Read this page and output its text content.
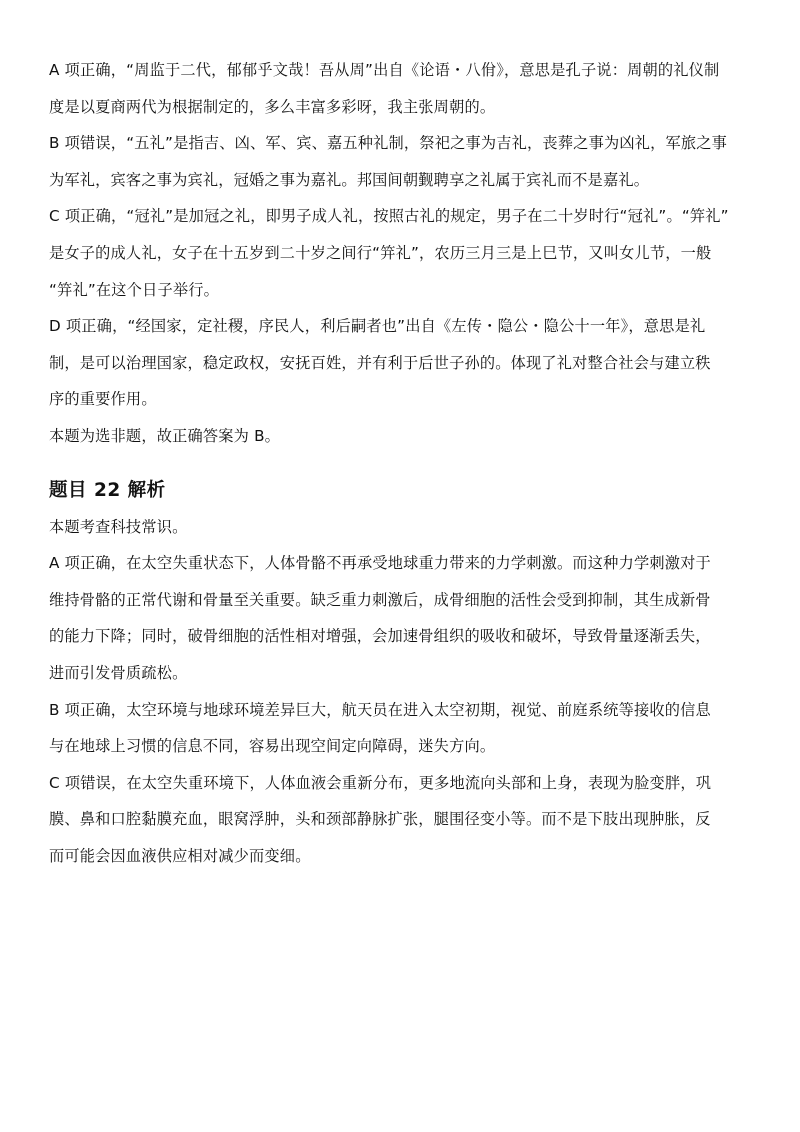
A 项正确，“周监于二代，郁郁乎文哉！吾从周”出自《论语・八佾》，意思是孔子说：周朝的礼仪制
度是以夏商两代为根据制定的，多么丰富多彩呀，我主张周朝的。

B 项错误，“五礼”是指吉、凶、军、宾、嘉五种礼制，祭祀之事为吉礼，丧葬之事为凶礼，军旅之事
为军礼，宾客之事为宾礼，冠婚之事为嘉礼。邦国间朝觐聘享之礼属于宾礼而不是嘉礼。

C 项正确，“冠礼”是加冠之礼，即男子成人礼，按照古礼的规定，男子在二十岁时行“冠礼”。“笄礼”
是女子的成人礼，女子在十五岁到二十岁之间行“笄礼”，农历三月三是上巳节，又叫女儿节，一般
“笄礼”在这个日子举行。

D 项正确，“经国家，定社稷，序民人，利后嗣者也”出自《左传・隐公・隐公十一年》，意思是礼
制，是可以治理国家，稳定政权，安抚百姓，并有利于后世子孙的。体现了礼对整合社会与建立秩
序的重要作用。

本题为选非题，故正确答案为 B。

题目 22 解析

本题考查科技常识。

A 项正确，在太空失重状态下，人体骨骼不再承受地球重力带来的力学刺激。而这种力学刺激对于
维持骨骼的正常代谢和骨量至关重要。缺乏重力刺激后，成骨细胞的活性会受到抑制，其生成新骨
的能力下降；同时，破骨细胞的活性相对增强，会加速骨组织的吸收和破坏，导致骨量逐渐丢失，
进而引发骨质疏松。

B 项正确，太空环境与地球环境差异巨大，航天员在进入太空初期，视觉、前庭系统等接收的信息
与在地球上习惯的信息不同，容易出现空间定向障碍，迷失方向。

C 项错误，在太空失重环境下，人体血液会重新分布，更多地流向头部和上身，表现为脸变胖，巩
膜、鼻和口腔黏膜充血，眼窝浮肿，头和颈部静脉扩张，腿围径变小等。而不是下肢出现肿胀，反
而可能会因血液供应相对减少而变细。
